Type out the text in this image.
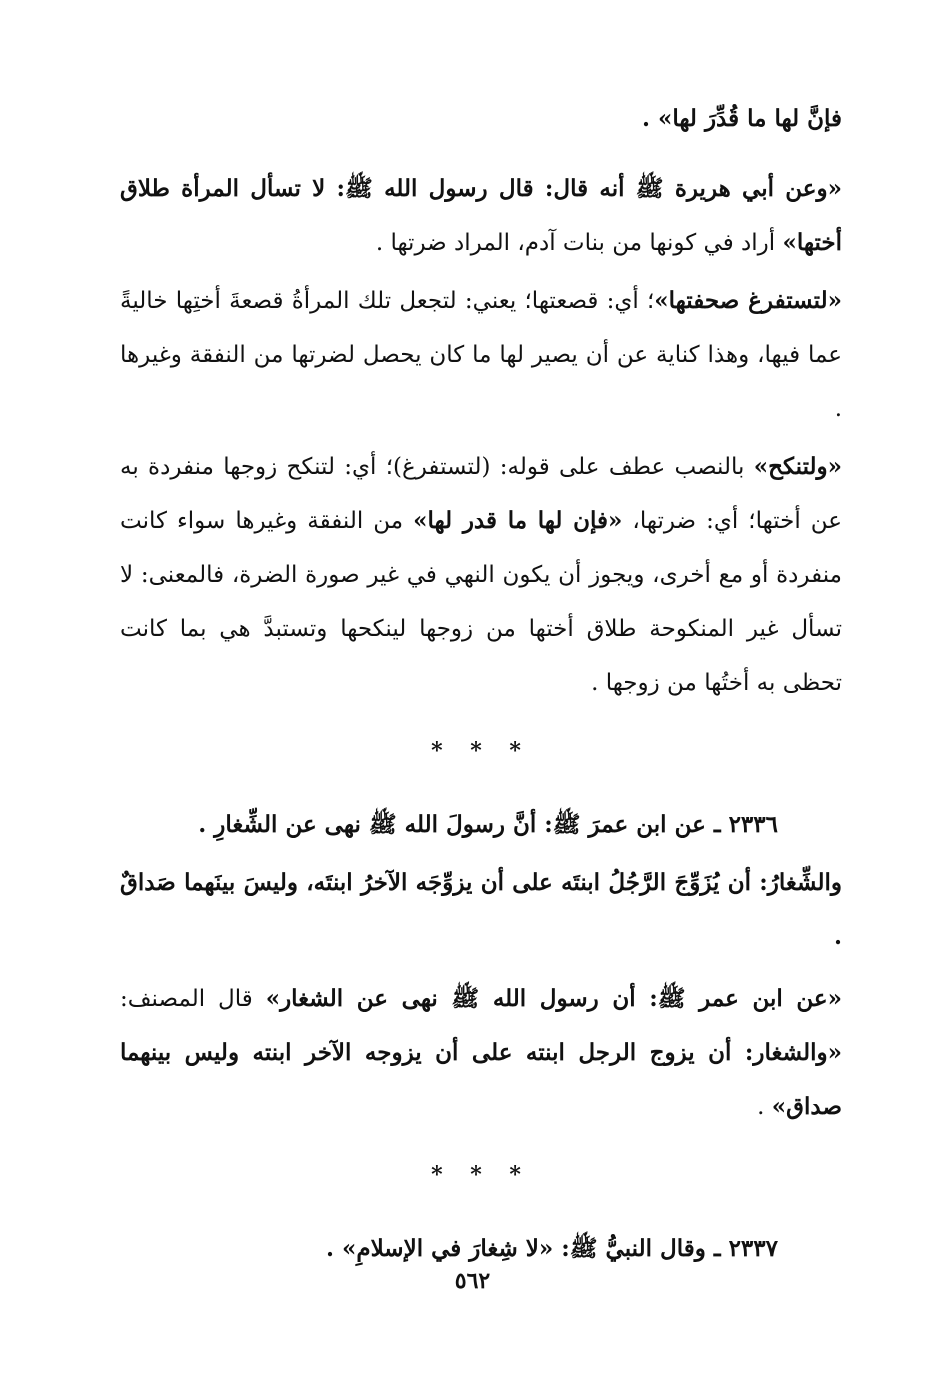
فإنَّ لها ما قُدِّرَ لها» .

«وعن أبي هريرة ﷺ أنه قال: قال رسول الله ﷺ: لا تسأل المرأة طلاق أختها» أراد في كونها من بنات آدم، المراد ضرتها .

«لتستفرغ صحفتها»؛ أي: قصعتها؛ يعني: لتجعل تلك المرأةُ قصعةَ أختِها خاليةً عما فيها، وهذا كناية عن أن يصير لها ما كان يحصل لضرتها من النفقة وغيرها .

«ولتنكح» بالنصب عطف على قوله: (لتستفرغ)؛ أي: لتنكح زوجها منفردة به عن أختها؛ أي: ضرتها، «فإن لها ما قدر لها» من النفقة وغيرها سواء كانت منفردة أو مع أخرى، ويجوز أن يكون النهي في غير صورة الضرة، فالمعنى: لا تسأل غير المنكوحة طلاق أختها من زوجها لينكحها وتستبدَّ هي بما كانت تحظى به أختُها من زوجها .

* * *

٢٣٣٦ ـ عن ابن عمرَ ﷺ: أنَّ رسولَ الله ﷺ نهى عن الشِّغارِ .

والشِّغارُ: أن يُزَوِّجَ الرَّجُلُ ابنتَه على أن يزوِّجَه الآخرُ ابنتَه، وليسَ بينَهما صَداقٌ .

«عن ابن عمر ﷺ: أن رسول الله ﷺ نهى عن الشغار» قال المصنف: «والشغار: أن يزوج الرجل ابنته على أن يزوجه الآخر ابنته وليس بينهما صداق» .

* * *

٢٣٣٧ ـ وقال النبيُّ ﷺ: «لا شِغارَ في الإسلامِ» .

٥٦٢
